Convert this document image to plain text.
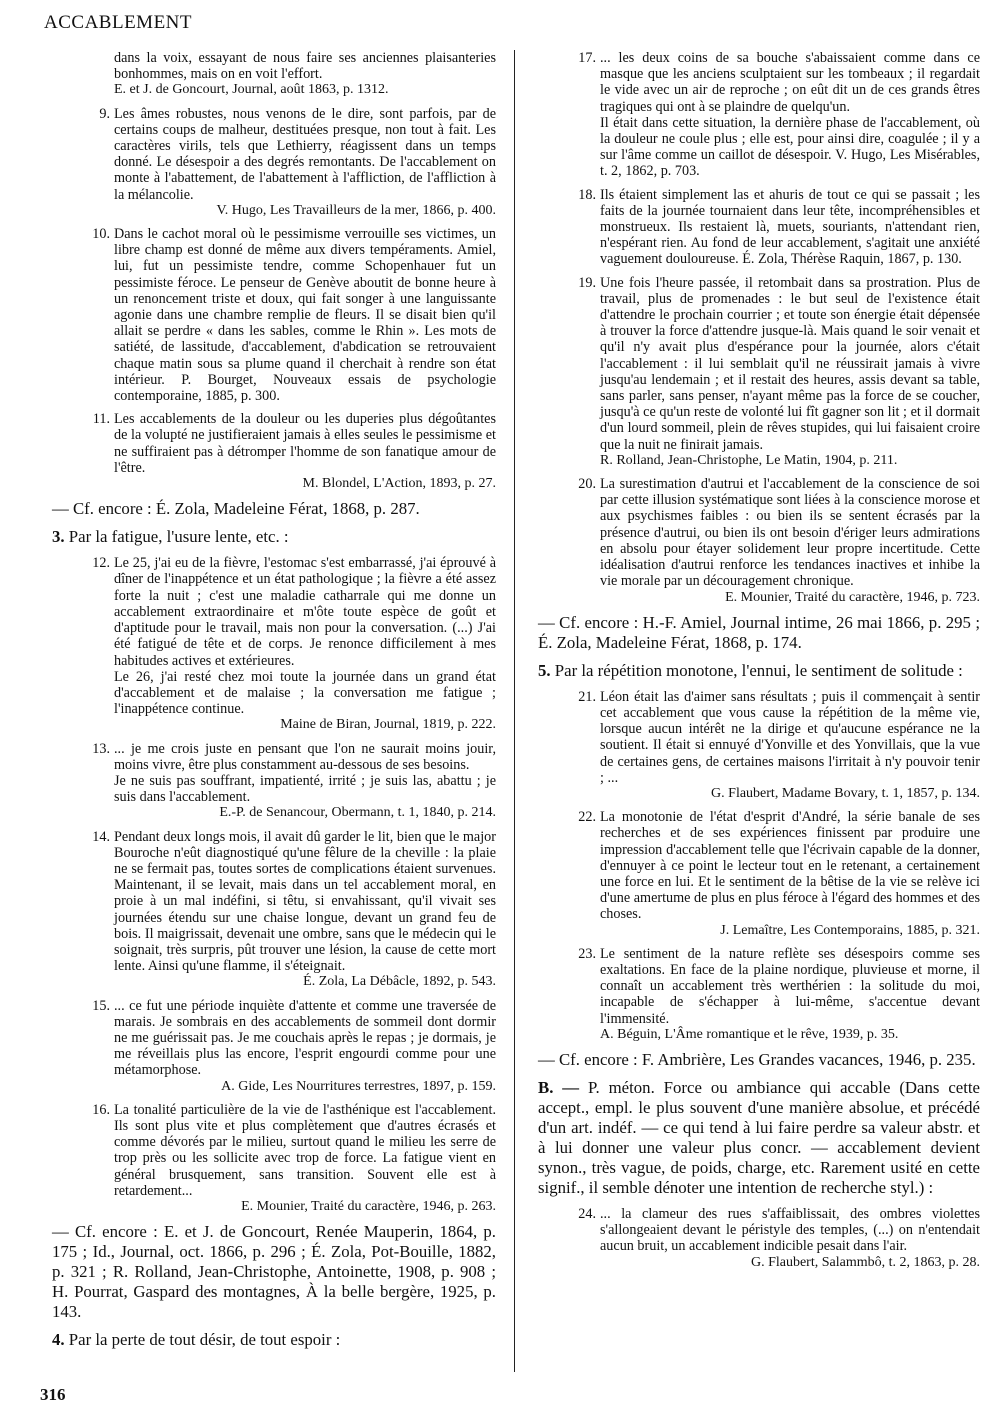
ACCABLEMENT

dans la voix, essayant de nous faire ses anciennes plaisanteries bonhommes, mais on en voit l'effort.

E. et J. de Goncourt, Journal, août 1863, p. 1312.

9. Les âmes robustes, nous venons de le dire, sont parfois, par de certains coups de malheur, destituées presque, non tout à fait. Les caractères virils, tels que Lethierry, réagissent dans un temps donné. Le désespoir a des degrés remontants. De l'accablement on monte à l'abattement, de l'abattement à l'affliction, de l'affliction à la mélancolie.

V. Hugo, Les Travailleurs de la mer, 1866, p. 400.

10. Dans le cachot moral où le pessimisme verrouille ses victimes, un libre champ est donné de même aux divers tempéraments. Amiel, lui, fut un pessimiste tendre, comme Schopenhauer fut un pessimiste féroce. Le penseur de Genève aboutit de bonne heure à un renoncement triste et doux, qui fait songer à une languissante agonie dans une chambre remplie de fleurs. Il se disait bien qu'il allait se perdre « dans les sables, comme le Rhin ». Les mots de satiété, de lassitude, d'accablement, d'abdication se retrouvaient chaque matin sous sa plume quand il cherchait à rendre son état intérieur. P. Bourget, Nouveaux essais de psychologie contemporaine, 1885, p. 300.

11. Les accablements de la douleur ou les duperies plus dégoûtantes de la volupté ne justifieraient jamais à elles seules le pessimisme et ne suffiraient pas à détromper l'homme de son fanatique amour de l'être.

M. Blondel, L'Action, 1893, p. 27.

— Cf. encore : É. Zola, Madeleine Férat, 1868, p. 287.

3. Par la fatigue, l'usure lente, etc. :

12. Le 25, j'ai eu de la fièvre, l'estomac s'est embarrassé, j'ai éprouvé à dîner de l'inappétence et un état pathologique ; la fièvre a été assez forte la nuit ; c'est une maladie catharrale qui me donne un accablement extraordinaire et m'ôte toute espèce de goût et d'aptitude pour le travail, mais non pour la conversation. (...) J'ai été fatigué de tête et de corps. Je renonce difficilement à mes habitudes actives et extérieures.

Le 26, j'ai resté chez moi toute la journée dans un grand état d'accablement et de malaise ; la conversation me fatigue ; l'inappétence continue.

Maine de Biran, Journal, 1819, p. 222.

13. ... je me crois juste en pensant que l'on ne saurait moins jouir, moins vivre, être plus constamment au-dessous de ses besoins.

Je ne suis pas souffrant, impatienté, irrité ; je suis las, abattu ; je suis dans l'accablement.

E.-P. de Senancour, Obermann, t. 1, 1840, p. 214.

14. Pendant deux longs mois, il avait dû garder le lit, bien que le major Bouroche n'eût diagnostiqué qu'une fêlure de la cheville : la plaie ne se fermait pas, toutes sortes de complications étaient survenues. Maintenant, il se levait, mais dans un tel accablement moral, en proie à un mal indéfini, si têtu, si envahissant, qu'il vivait ses journées étendu sur une chaise longue, devant un grand feu de bois. Il maigrissait, devenait une ombre, sans que le médecin qui le soignait, très surpris, pût trouver une lésion, la cause de cette mort lente. Ainsi qu'une flamme, il s'éteignait.

É. Zola, La Débâcle, 1892, p. 543.

15. ... ce fut une période inquiète d'attente et comme une traversée de marais. Je sombrais en des accablements de sommeil dont dormir ne me guérissait pas. Je me couchais après le repas ; je dormais, je me réveillais plus las encore, l'esprit engourdi comme pour une métamorphose.

A. Gide, Les Nourritures terrestres, 1897, p. 159.

16. La tonalité particulière de la vie de l'asthénique est l'accablement. Ils sont plus vite et plus complètement que d'autres écrasés et comme dévorés par le milieu, surtout quand le milieu les serre de trop près ou les sollicite avec trop de force. La fatigue vient en général brusquement, sans transition. Souvent elle est à retardement...

E. Mounier, Traité du caractère, 1946, p. 263.

— Cf. encore : E. et J. de Goncourt, Renée Mauperin, 1864, p. 175 ; Id., Journal, oct. 1866, p. 296 ; É. Zola, Pot-Bouille, 1882, p. 321 ; R. Rolland, Jean-Christophe, Antoinette, 1908, p. 908 ; H. Pourrat, Gaspard des montagnes, À la belle bergère, 1925, p. 143.

4. Par la perte de tout désir, de tout espoir :

17. ... les deux coins de sa bouche s'abaissaient comme dans ce masque que les anciens sculptaient sur les tombeaux ; il regardait le vide avec un air de reproche ; on eût dit un de ces grands êtres tragiques qui ont à se plaindre de quelqu'un.

Il était dans cette situation, la dernière phase de l'accablement, où la douleur ne coule plus ; elle est, pour ainsi dire, coagulée ; il y a sur l'âme comme un caillot de désespoir. V. Hugo, Les Misérables, t. 2, 1862, p. 703.

18. Ils étaient simplement las et ahuris de tout ce qui se passait ; les faits de la journée tournaient dans leur tête, incompréhensibles et monstrueux. Ils restaient là, muets, souriants, n'attendant rien, n'espérant rien. Au fond de leur accablement, s'agitait une anxiété vaguement douloureuse. É. Zola, Thérèse Raquin, 1867, p. 130.

19. Une fois l'heure passée, il retombait dans sa prostration. Plus de travail, plus de promenades : le but seul de l'existence était d'attendre le prochain courrier ; et toute son énergie était dépensée à trouver la force d'attendre jusque-là. Mais quand le soir venait et qu'il n'y avait plus d'espérance pour la journée, alors c'était l'accablement : il lui semblait qu'il ne réussirait jamais à vivre jusqu'au lendemain ; et il restait des heures, assis devant sa table, sans parler, sans penser, n'ayant même pas la force de se coucher, jusqu'à ce qu'un reste de volonté lui fît gagner son lit ; et il dormait d'un lourd sommeil, plein de rêves stupides, qui lui faisaient croire que la nuit ne finirait jamais.

R. Rolland, Jean-Christophe, Le Matin, 1904, p. 211.

20. La surestimation d'autrui et l'accablement de la conscience de soi par cette illusion systématique sont liées à la conscience morose et aux psychismes faibles : ou bien ils se sentent écrasés par la présence d'autrui, ou bien ils ont besoin d'ériger leurs admirations en absolu pour étayer solidement leur propre incertitude. Cette idéalisation d'autrui renforce les tendances inactives et inhibe la vie morale par un découragement chronique.

E. Mounier, Traité du caractère, 1946, p. 723.

— Cf. encore : H.-F. Amiel, Journal intime, 26 mai 1866, p. 295 ; É. Zola, Madeleine Férat, 1868, p. 174.

5. Par la répétition monotone, l'ennui, le sentiment de solitude :

21. Léon était las d'aimer sans résultats ; puis il commençait à sentir cet accablement que vous cause la répétition de la même vie, lorsque aucun intérêt ne la dirige et qu'aucune espérance ne la soutient. Il était si ennuyé d'Yonville et des Yonvillais, que la vue de certaines gens, de certaines maisons l'irritait à n'y pouvoir tenir ; ...

G. Flaubert, Madame Bovary, t. 1, 1857, p. 134.

22. La monotonie de l'état d'esprit d'André, la série banale de ses recherches et de ses expériences finissent par produire une impression d'accablement telle que l'écrivain capable de la donner, d'ennuyer à ce point le lecteur tout en le retenant, a certainement une force en lui. Et le sentiment de la bêtise de la vie se relève ici d'une amertume de plus en plus féroce à l'égard des hommes et des choses.

J. Lemaître, Les Contemporains, 1885, p. 321.

23. Le sentiment de la nature reflète ses désespoirs comme ses exaltations. En face de la plaine nordique, pluvieuse et morne, il connaît un accablement très werthérien : la solitude du moi, incapable de s'échapper à lui-même, s'accentue devant l'immensité.

A. Béguin, L'Âme romantique et le rêve, 1939, p. 35.

— Cf. encore : F. Ambrière, Les Grandes vacances, 1946, p. 235.

B. — P. méton. Force ou ambiance qui accable (Dans cette accept., empl. le plus souvent d'une manière absolue, et précédé d'un art. indéf. — ce qui tend à lui faire perdre sa valeur abstr. et à lui donner une valeur plus concr. — accablement devient synon., très vague, de poids, charge, etc. Rarement usité en cette signif., il semble dénoter une intention de recherche styl.) :

24. ... la clameur des rues s'affaiblissait, des ombres violettes s'allongeaient devant le péristyle des temples, (...) on n'entendait aucun bruit, un accablement indicible pesait dans l'air.

G. Flaubert, Salammbô, t. 2, 1863, p. 28.

316
